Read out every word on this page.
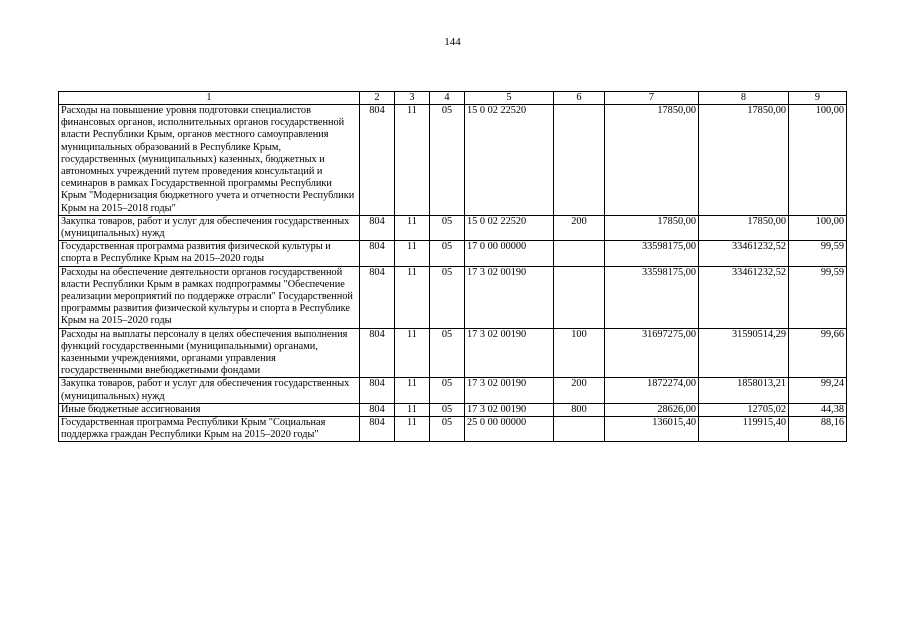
144
1	2	3	4	5	6	7	8	9
Расходы на повышение уровня подготовки специалистов финансовых органов, исполнительных органов государственной власти Республики Крым, органов местного самоуправления муниципальных образований в Республике Крым, государственных (муниципальных) казенных, бюджетных и автономных учреждений путем проведения консультаций и семинаров в рамках Государственной программы Республики Крым "Модернизация бюджетного учета и отчетности Республики Крым на 2015–2018 годы"	804	11	05	15 0 02 22520		17850,00	17850,00	100,00
Закупка товаров, работ и услуг для обеспечения государственных (муниципальных) нужд	804	11	05	15 0 02 22520	200	17850,00	17850,00	100,00
Государственная программа развития физической культуры и спорта в Республике Крым на 2015–2020 годы	804	11	05	17 0 00 00000		33598175,00	33461232,52	99,59
Расходы на обеспечение деятельности органов государственной власти Республики Крым в рамках подпрограммы "Обеспечение реализации мероприятий по поддержке отрасли" Государственной программы развития физической культуры и спорта в Республике Крым на 2015–2020 годы	804	11	05	17 3 02 00190		33598175,00	33461232,52	99,59
Расходы на выплаты персоналу в целях обеспечения выполнения функций государственными (муниципальными) органами, казенными учреждениями, органами управления государственными внебюджетными фондами	804	11	05	17 3 02 00190	100	31697275,00	31590514,29	99,66
Закупка товаров, работ и услуг для обеспечения государственных (муниципальных) нужд	804	11	05	17 3 02 00190	200	1872274,00	1858013,21	99,24
Иные бюджетные ассигнования	804	11	05	17 3 02 00190	800	28626,00	12705,02	44,38
Государственная программа Республики Крым "Социальная поддержка граждан Республики Крым на 2015–2020 годы"	804	11	05	25 0 00 00000		136015,40	119915,40	88,16
